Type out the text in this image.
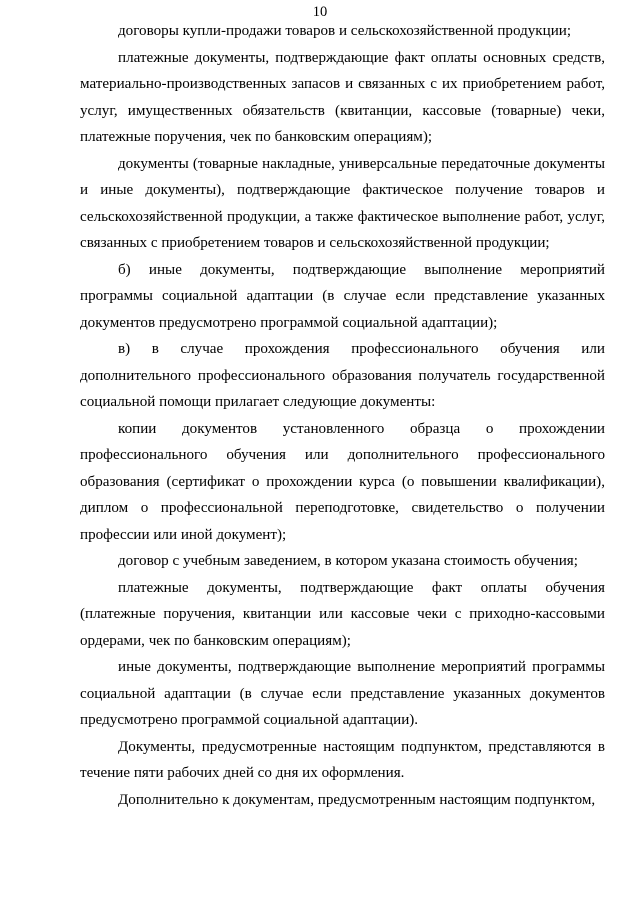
10

договоры купли-продажи товаров и сельскохозяйственной продукции;

платежные документы, подтверждающие факт оплаты основных средств, материально-производственных запасов и связанных с их приобретением работ, услуг, имущественных обязательств (квитанции, кассовые (товарные) чеки, платежные поручения, чек по банковским операциям);

документы (товарные накладные, универсальные передаточные документы и иные документы), подтверждающие фактическое получение товаров и сельскохозяйственной продукции, а также фактическое выполнение работ, услуг, связанных с приобретением товаров и сельскохозяйственной продукции;

б) иные документы, подтверждающие выполнение мероприятий программы социальной адаптации (в случае если представление указанных документов предусмотрено программой социальной адаптации);

в) в случае прохождения профессионального обучения или дополнительного профессионального образования получатель государственной социальной помощи прилагает следующие документы:

копии документов установленного образца о прохождении профессионального обучения или дополнительного профессионального образования (сертификат о прохождении курса (о повышении квалификации), диплом о профессиональной переподготовке, свидетельство о получении профессии или иной документ);

договор с учебным заведением, в котором указана стоимость обучения;

платежные документы, подтверждающие факт оплаты обучения (платежные поручения, квитанции или кассовые чеки с приходно-кассовыми ордерами, чек по банковским операциям);

иные документы, подтверждающие выполнение мероприятий программы социальной адаптации (в случае если представление указанных документов предусмотрено программой социальной адаптации).

Документы, предусмотренные настоящим подпунктом, представляются в течение пяти рабочих дней со дня их оформления.

Дополнительно к документам, предусмотренным настоящим подпунктом,
